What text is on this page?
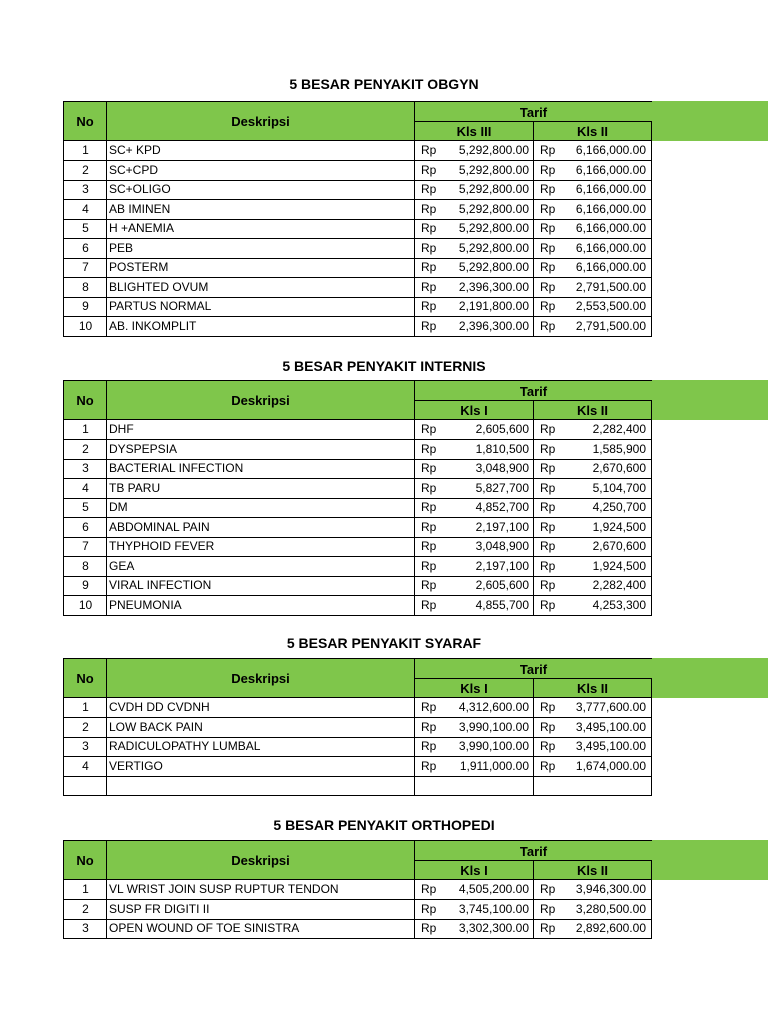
5 BESAR PENYAKIT OBGYN
No	Deskripsi
Tarif
Kls III	Kls II
1	SC+ KPD	Rp 5,292,800.00 Rp 6,166,000.00
2	SC+CPD	Rp 5,292,800.00 Rp 6,166,000.00
3	SC+OLIGO	Rp 5,292,800.00 Rp 6,166,000.00
4	AB IMINEN	Rp 5,292,800.00 Rp 6,166,000.00
5	H +ANEMIA	Rp 5,292,800.00 Rp 6,166,000.00
6	PEB	Rp 5,292,800.00 Rp 6,166,000.00
7	POSTERM	Rp 5,292,800.00 Rp 6,166,000.00
8	BLIGHTED OVUM	Rp 2,396,300.00 Rp 2,791,500.00
9	PARTUS NORMAL	Rp 2,191,800.00 Rp 2,553,500.00
10	AB. INKOMPLIT	Rp 2,396,300.00 Rp 2,791,500.00
5 BESAR PENYAKIT INTERNIS
No	Deskripsi
Tarif
Kls I	Kls II
1	DHF	Rp	2,605,600 Rp	2,282,400
2	DYSPEPSIA	Rp	1,810,500 Rp	1,585,900
3	BACTERIAL INFECTION	Rp	3,048,900 Rp	2,670,600
4	TB PARU	Rp	5,827,700 Rp	5,104,700
5	DM	Rp	4,852,700 Rp	4,250,700
6	ABDOMINAL PAIN	Rp	2,197,100 Rp	1,924,500
7	THYPHOID FEVER	Rp	3,048,900 Rp	2,670,600
8	GEA	Rp	2,197,100 Rp	1,924,500
9	VIRAL INFECTION	Rp	2,605,600 Rp	2,282,400
10	PNEUMONIA	Rp	4,855,700 Rp	4,253,300
5 BESAR PENYAKIT SYARAF
No	Deskripsi
Tarif
Kls I	Kls II
1	CVDH DD CVDNH	Rp 4,312,600.00 Rp 3,777,600.00
2	LOW BACK PAIN	Rp 3,990,100.00 Rp 3,495,100.00
3	RADICULOPATHY LUMBAL	Rp 3,990,100.00 Rp 3,495,100.00
4	VERTIGO	Rp 1,911,000.00 Rp 1,674,000.00
5 BESAR PENYAKIT ORTHOPEDI
No	Deskripsi
Tarif
Kls I	Kls II
1	VL WRIST JOIN SUSP RUPTUR TENDON	Rp 4,505,200.00 Rp 3,946,300.00
2	SUSP FR DIGITI II	Rp 3,745,100.00 Rp 3,280,500.00
3	OPEN WOUND OF TOE SINISTRA	Rp 3,302,300.00 Rp 2,892,600.00
